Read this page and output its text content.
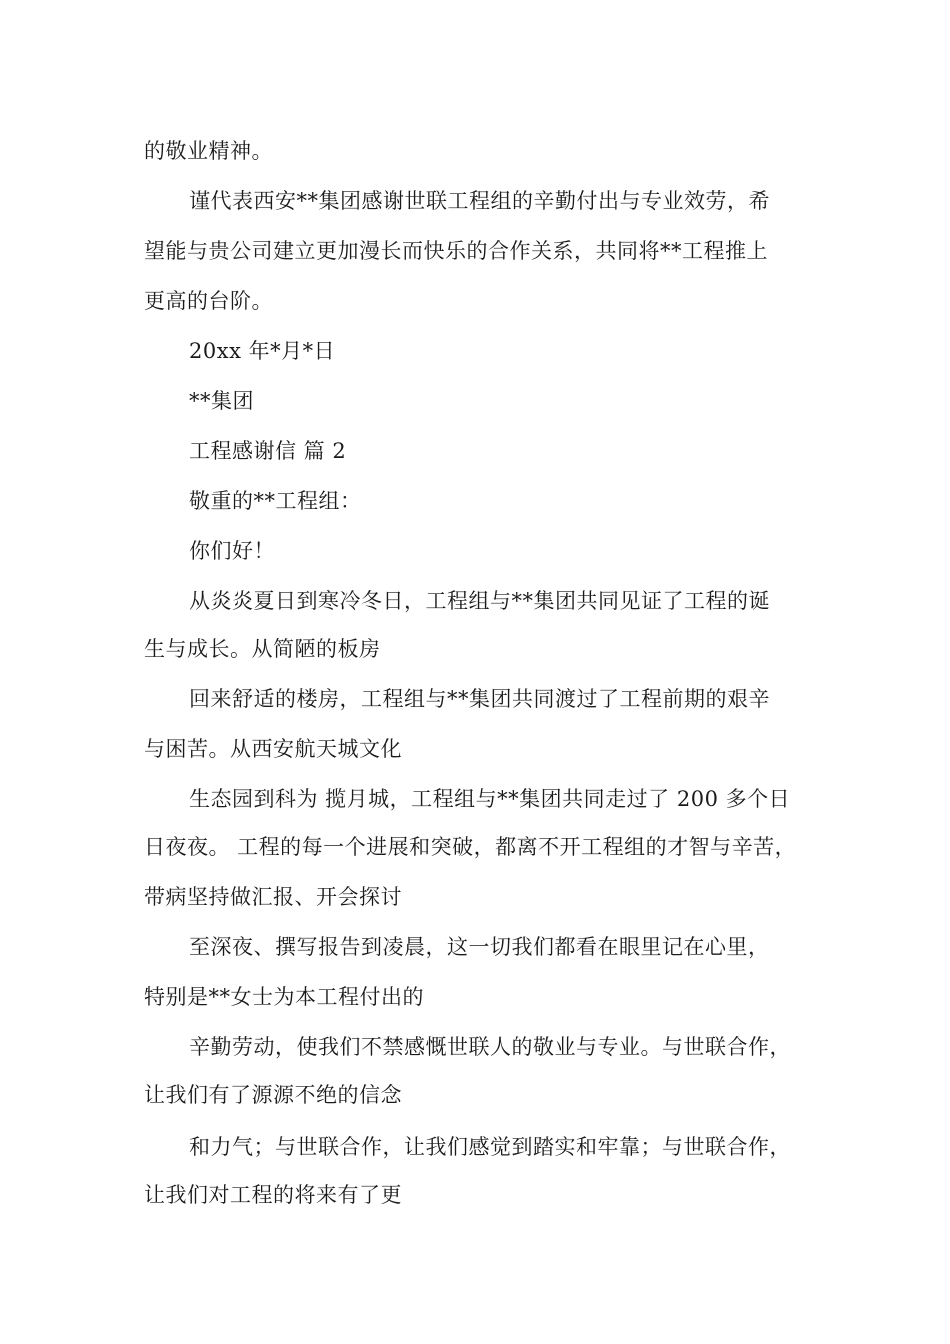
的敬业精神。
谨代表西安**集团感谢世联工程组的辛勤付出与专业效劳，希
望能与贵公司建立更加漫长而快乐的合作关系，共同将**工程推上
更高的台阶。
20xx 年*月*日
**集团
工程感谢信 篇 2
敬重的**工程组：
你们好！
从炎炎夏日到寒冷冬日，工程组与**集团共同见证了工程的诞
生与成长。从简陋的板房
回来舒适的楼房，工程组与**集团共同渡过了工程前期的艰辛
与困苦。从西安航天城文化
生态园到科为 揽月城，工程组与**集团共同走过了 200 多个日
日夜夜。 工程的每一个进展和突破，都离不开工程组的才智与辛苦，
带病坚持做汇报、开会探讨
至深夜、撰写报告到凌晨，这一切我们都看在眼里记在心里，
特别是**女士为本工程付出的
辛勤劳动，使我们不禁感慨世联人的敬业与专业。与世联合作，
让我们有了源源不绝的信念
和力气；与世联合作，让我们感觉到踏实和牢靠；与世联合作，
让我们对工程的将来有了更
